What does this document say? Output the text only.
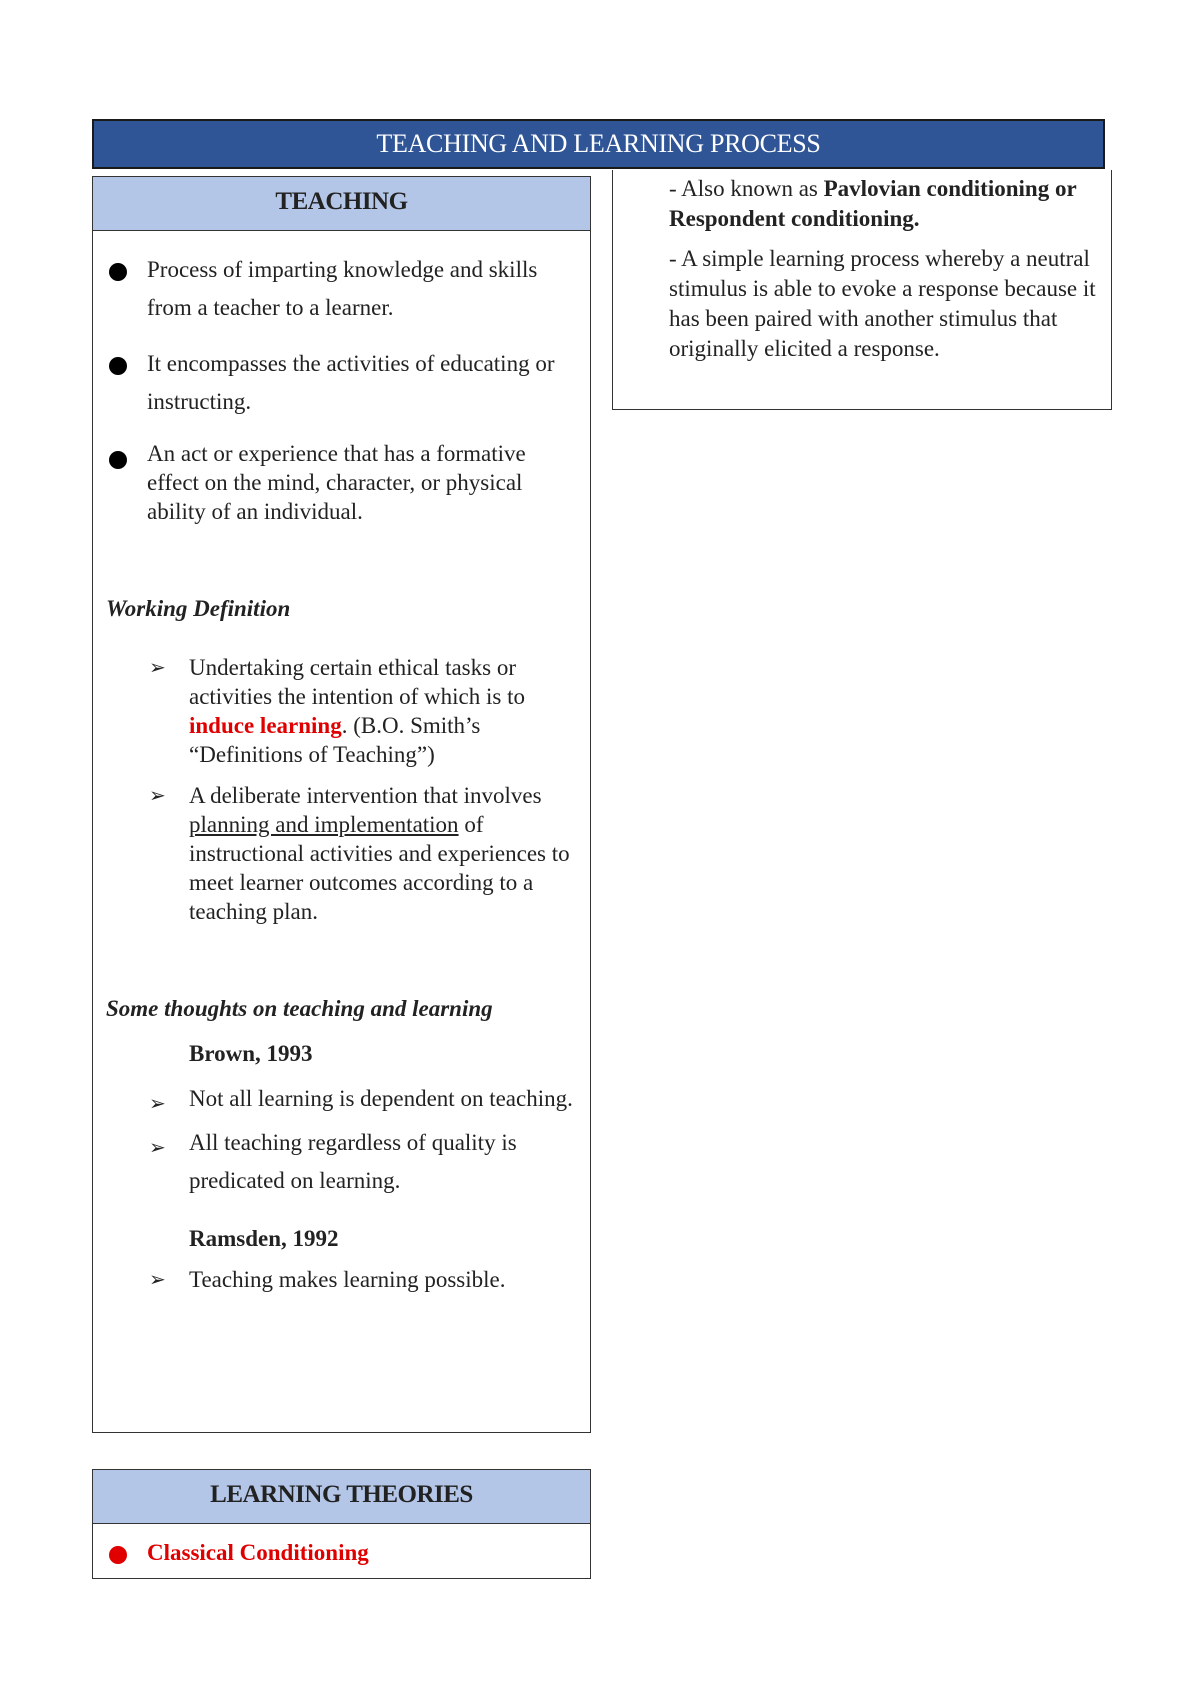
TEACHING AND LEARNING PROCESS
TEACHING
Process of imparting knowledge and skills from a teacher to a learner.
It encompasses the activities of educating or instructing.
An act or experience that has a formative effect on the mind, character, or physical ability of an individual.
Working Definition
➢ Undertaking certain ethical tasks or activities the intention of which is to induce learning. (B.O. Smith’s “Definitions of Teaching”)
➢ A deliberate intervention that involves planning and implementation of instructional activities and experiences to meet learner outcomes according to a teaching plan.
Some thoughts on teaching and learning
Brown, 1993
➢ Not all learning is dependent on teaching.
➢ All teaching regardless of quality is predicated on learning.
Ramsden, 1992
➢ Teaching makes learning possible.
LEARNING THEORIES
Classical Conditioning
- Also known as Pavlovian conditioning or Respondent conditioning.
- A simple learning process whereby a neutral stimulus is able to evoke a response because it has been paired with another stimulus that originally elicited a response.
